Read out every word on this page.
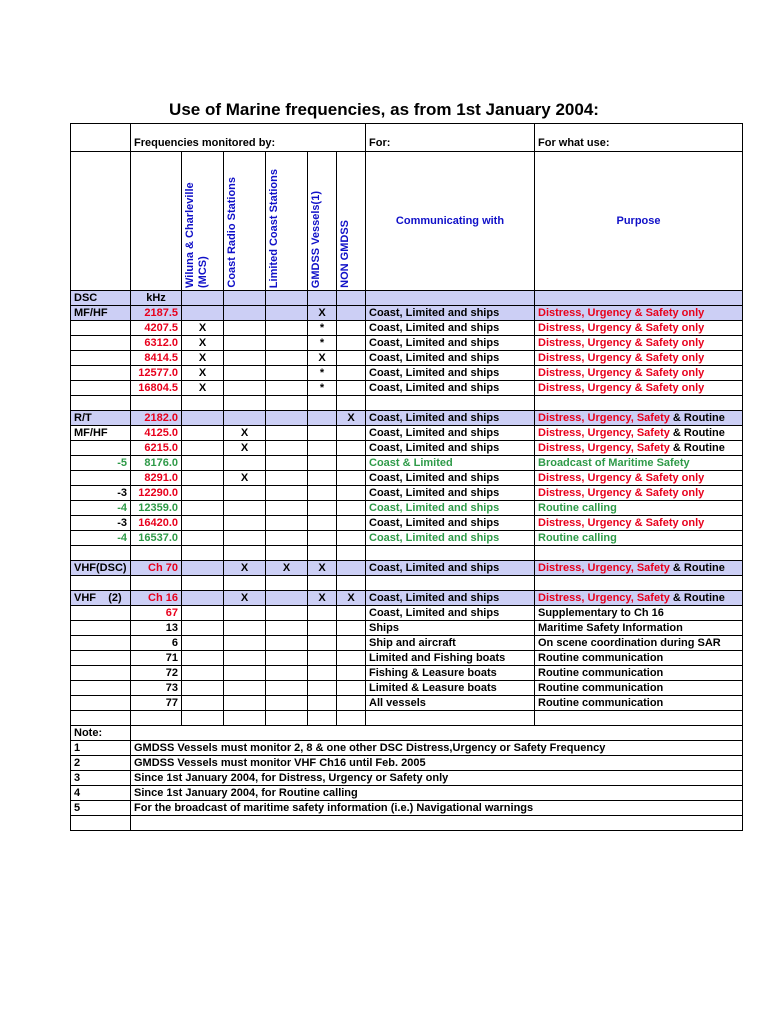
Use of Marine frequencies, as from 1st January 2004:
	Frequencies monitored by:						For:	For what use:

		Wiluna & Charleville (MCS)	Coast Radio Stations	Limited Coast Stations	GMDSS Vessels(1)	NON GMDSS	Communicating with	Purpose
DSC	kHz							
MF/HF	2187.5				X		Coast, Limited and ships	Distress, Urgency & Safety only
	4207.5	X			*		Coast, Limited and ships	Distress, Urgency & Safety only
	6312.0	X			*		Coast, Limited and ships	Distress, Urgency & Safety only
	8414.5	X			X		Coast, Limited and ships	Distress, Urgency & Safety only
	12577.0	X			*		Coast, Limited and ships	Distress, Urgency & Safety only
	16804.5	X			*		Coast, Limited and ships	Distress, Urgency & Safety only

R/T	2182.0					X	Coast, Limited and ships	Distress, Urgency, Safety & Routine
MF/HF	4125.0		X				Coast, Limited and ships	Distress, Urgency, Safety & Routine
	6215.0		X				Coast, Limited and ships	Distress, Urgency, Safety & Routine
-5	8176.0						Coast & Limited	Broadcast of Maritime Safety
	8291.0		X				Coast, Limited and ships	Distress, Urgency & Safety only
-3	12290.0						Coast, Limited and ships	Distress, Urgency & Safety only
-4	12359.0						Coast, Limited and ships	Routine calling
-3	16420.0						Coast, Limited and ships	Distress, Urgency & Safety only
-4	16537.0						Coast, Limited and ships	Routine calling

VHF(DSC)	Ch 70		X	X	X		Coast, Limited and ships	Distress, Urgency, Safety & Routine

VHF    (2)	Ch 16		X		X	X	Coast, Limited and ships	Distress, Urgency, Safety & Routine
	67						Coast, Limited and ships	Supplementary to Ch 16
	13						Ships	Maritime Safety Information
	6						Ship and aircraft	On scene coordination during SAR
	71						Limited and Fishing boats	Routine communication
	72						Fishing & Leasure boats	Routine communication
	73						Limited & Leasure boats	Routine communication
	77						All vessels	Routine communication

Note:								
1	GMDSS Vessels must monitor 2, 8 & one other DSC Distress,Urgency or Safety Frequency							
2	GMDSS Vessels must monitor VHF Ch16 until Feb. 2005							
3	Since 1st January 2004, for Distress, Urgency or Safety only							
4	Since 1st January 2004, for Routine calling							
5	For the broadcast of maritime safety information (i.e.) Navigational warnings							
